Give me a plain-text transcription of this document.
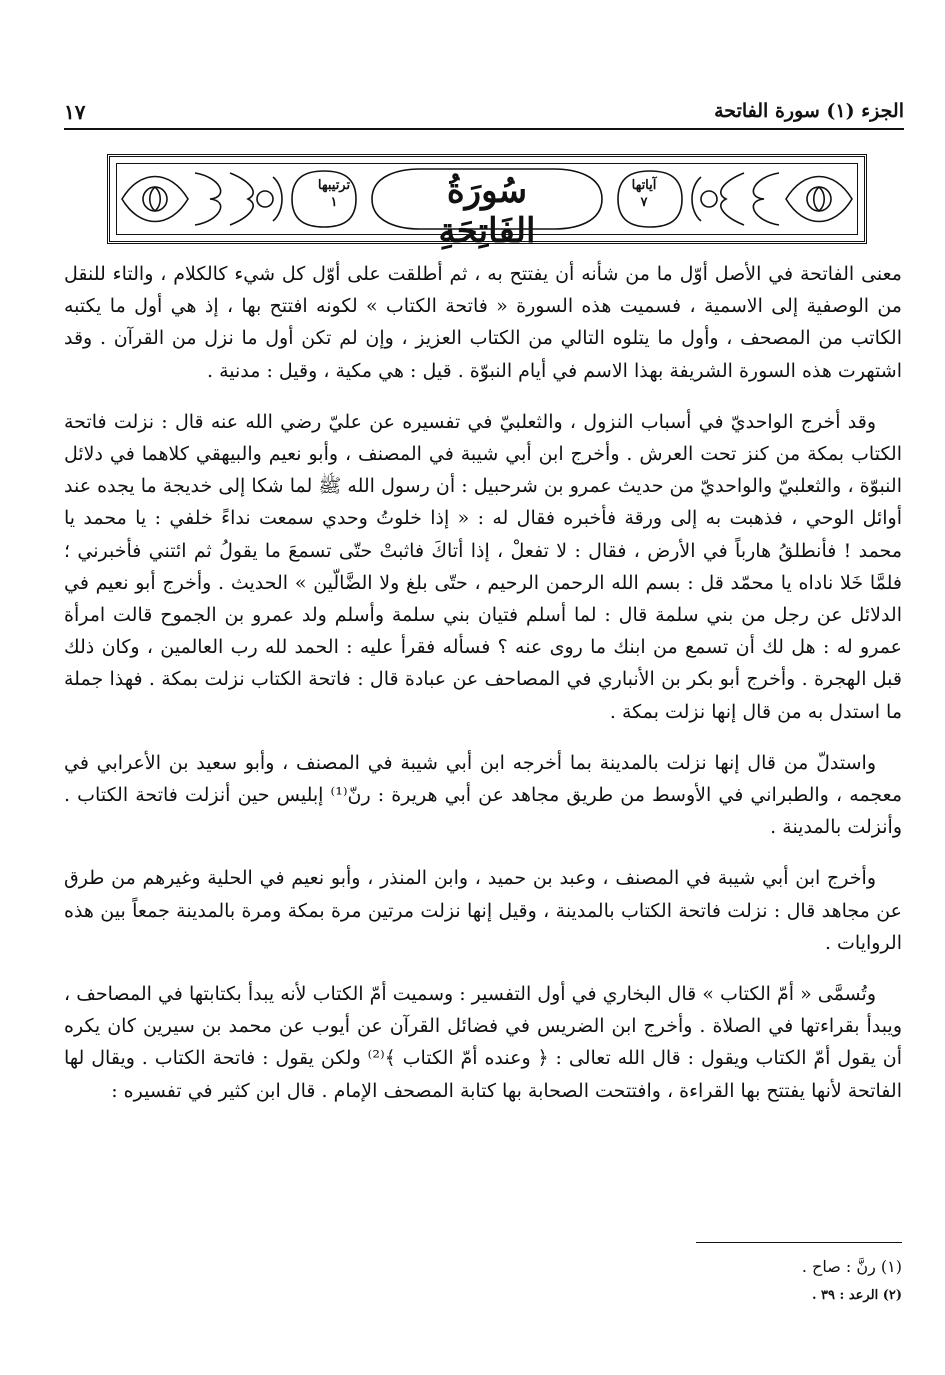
الجزء (١) سورة الفاتحة
١٧
ترتيبها
١	سُورَةُ الفَاتِحَةِ
آياتها
٧

معنى الفاتحة في الأصل أوّل ما من شأنه أن يفتتح به ، ثم أطلقت على أوّل كل شيء كالكلام ، والتاء للنقل من الوصفية إلى الاسمية ، فسميت هذه السورة « فاتحة الكتاب » لكونه افتتح بها ، إذ هي أول ما يكتبه الكاتب من المصحف ، وأول ما يتلوه التالي من الكتاب العزيز ، وإن لم تكن أول ما نزل من القرآن . وقد اشتهرت هذه السورة الشريفة بهذا الاسم في أيام النبوّة . قيل : هي مكية ، وقيل : مدنية .

وقد أخرج الواحديّ في أسباب النزول ، والثعلبيّ في تفسيره عن عليّ رضي الله عنه قال : نزلت فاتحة الكتاب بمكة من كنز تحت العرش . وأخرج ابن أبي شيبة في المصنف ، وأبو نعيم والبيهقي كلاهما في دلائل النبوّة ، والثعلبيّ والواحديّ من حديث عمرو بن شرحبيل : أن رسول الله ﷺ لما شكا إلى خديجة ما يجده عند أوائل الوحي ، فذهبت به إلى ورقة فأخبره فقال له : « إذا خلوتُ وحدي سمعت نداءً خلفي : يا محمد يا محمد ! فأنطلقُ هارباً في الأرض ، فقال : لا تفعلْ ، إذا أتاكَ فاثبتْ حتّى تسمعَ ما يقولُ ثم ائتني فأخبرني ؛ فلمَّا خَلا ناداه يا محمّد قل : بسم الله الرحمن الرحيم ، حتّى بلغ ولا الضَّالّين » الحديث . وأخرج أبو نعيم في الدلائل عن رجل من بني سلمة قال : لما أسلم فتيان بني سلمة وأسلم ولد عمرو بن الجموح قالت امرأة عمرو له : هل لك أن تسمع من ابنك ما روى عنه ؟ فسأله فقرأ عليه : الحمد لله رب العالمين ، وكان ذلك قبل الهجرة . وأخرج أبو بكر بن الأنباري في المصاحف عن عبادة قال : فاتحة الكتاب نزلت بمكة . فهذا جملة ما استدل به من قال إنها نزلت بمكة .

واستدلّ من قال إنها نزلت بالمدينة بما أخرجه ابن أبي شيبة في المصنف ، وأبو سعيد بن الأعرابي في معجمه ، والطبراني في الأوسط من طريق مجاهد عن أبي هريرة : رنّ⁽¹⁾ إبليس حين أنزلت فاتحة الكتاب . وأنزلت بالمدينة .

وأخرج ابن أبي شيبة في المصنف ، وعبد بن حميد ، وابن المنذر ، وأبو نعيم في الحلية وغيرهم من طرق عن مجاهد قال : نزلت فاتحة الكتاب بالمدينة ، وقيل إنها نزلت مرتين مرة بمكة ومرة بالمدينة جمعاً بين هذه الروايات .

وتُسمَّى « أمّ الكتاب » قال البخاري في أول التفسير : وسميت أمّ الكتاب لأنه يبدأ بكتابتها في المصاحف ، ويبدأ بقراءتها في الصلاة . وأخرج ابن الضريس في فضائل القرآن عن أيوب عن محمد بن سيرين كان يكره أن يقول أمّ الكتاب ويقول : قال الله تعالى : ﴿ وعنده أمّ الكتاب ﴾⁽²⁾ ولكن يقول : فاتحة الكتاب . ويقال لها الفاتحة لأنها يفتتح بها القراءة ، وافتتحت الصحابة بها كتابة المصحف الإمام . قال ابن كثير في تفسيره :

(١) رنَّ : صاح .
(٢) الرعد : ٣٩ .
